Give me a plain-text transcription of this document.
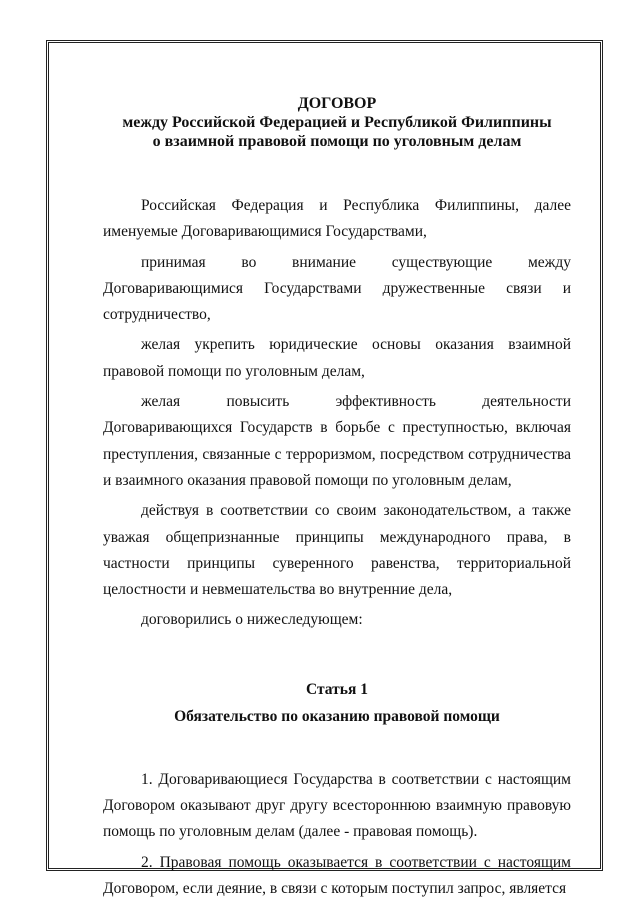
ДОГОВОР
между Российской Федерацией и Республикой Филиппины
о взаимной правовой помощи по уголовным делам

Российская Федерация и Республика Филиппины, далее именуемые Договаривающимися Государствами,

принимая во внимание существующие между Договаривающимися Государствами дружественные связи и сотрудничество,

желая укрепить юридические основы оказания взаимной правовой помощи по уголовным делам,

желая повысить эффективность деятельности Договаривающихся Государств в борьбе с преступностью, включая преступления, связанные с терроризмом, посредством сотрудничества и взаимного оказания правовой помощи по уголовным делам,

действуя в соответствии со своим законодательством, а также уважая общепризнанные принципы международного права, в частности принципы суверенного равенства, территориальной целостности и невмешательства во внутренние дела,

договорились о нижеследующем:

Статья 1
Обязательство по оказанию правовой помощи

1. Договаривающиеся Государства в соответствии с настоящим Договором оказывают друг другу всестороннюю взаимную правовую помощь по уголовным делам (далее - правовая помощь).

2. Правовая помощь оказывается в соответствии с настоящим Договором, если деяние, в связи с которым поступил запрос, является
